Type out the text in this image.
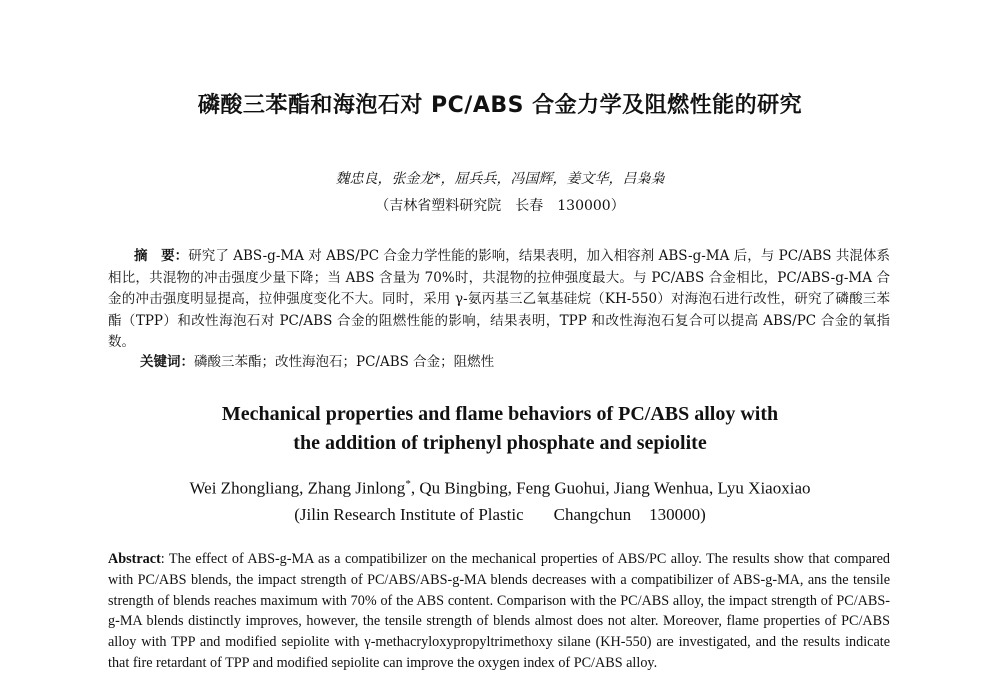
磷酸三苯酯和海泡石对 PC/ABS 合金力学及阻燃性能的研究
魏忠良，张金龙*，屈兵兵，冯国辉，姜文华，吕枭枭
（吉林省塑料研究院　长春　130000）
摘　要：研究了 ABS-g-MA 对 ABS/PC 合金力学性能的影响，结果表明，加入相容剂 ABS-g-MA 后，与 PC/ABS 共混体系相比，共混物的冲击强度少量下降；当 ABS 含量为 70%时，共混物的拉伸强度最大。与 PC/ABS 合金相比，PC/ABS-g-MA 合金的冲击强度明显提高，拉伸强度变化不大。同时，采用 γ-氨丙基三乙氧基硅烷（KH-550）对海泡石进行改性，研究了磷酸三苯酯（TPP）和改性海泡石对 PC/ABS 合金的阻燃性能的影响，结果表明，TPP 和改性海泡石复合可以提高 ABS/PC 合金的氧指数。
关键词：磷酸三苯酯；改性海泡石；PC/ABS 合金；阻燃性
Mechanical properties and flame behaviors of PC/ABS alloy with
the addition of triphenyl phosphate and sepiolite
Wei Zhongliang, Zhang Jinlong*, Qu Bingbing, Feng Guohui, Jiang Wenhua, Lyu Xiaoxiao
(Jilin Research Institute of Plastic Changchun 130000)
Abstract: The effect of ABS-g-MA as a compatibilizer on the mechanical properties of ABS/PC alloy. The results show that compared with PC/ABS blends, the impact strength of PC/ABS/ABS-g-MA blends decreases with a compatibilizer of ABS-g-MA, ans the tensile strength of blends reaches maximum with 70% of the ABS content. Comparison with the PC/ABS alloy, the impact strength of PC/ABS-g-MA blends distinctly improves, however, the tensile strength of blends almost does not alter. Moreover, flame properties of PC/ABS alloy with TPP and modified sepiolite with γ-methacryloxypropyltrimethoxy silane (KH-550) are investigated, and the results indicate that fire retardant of TPP and modified sepiolite can improve the oxygen index of PC/ABS alloy.
